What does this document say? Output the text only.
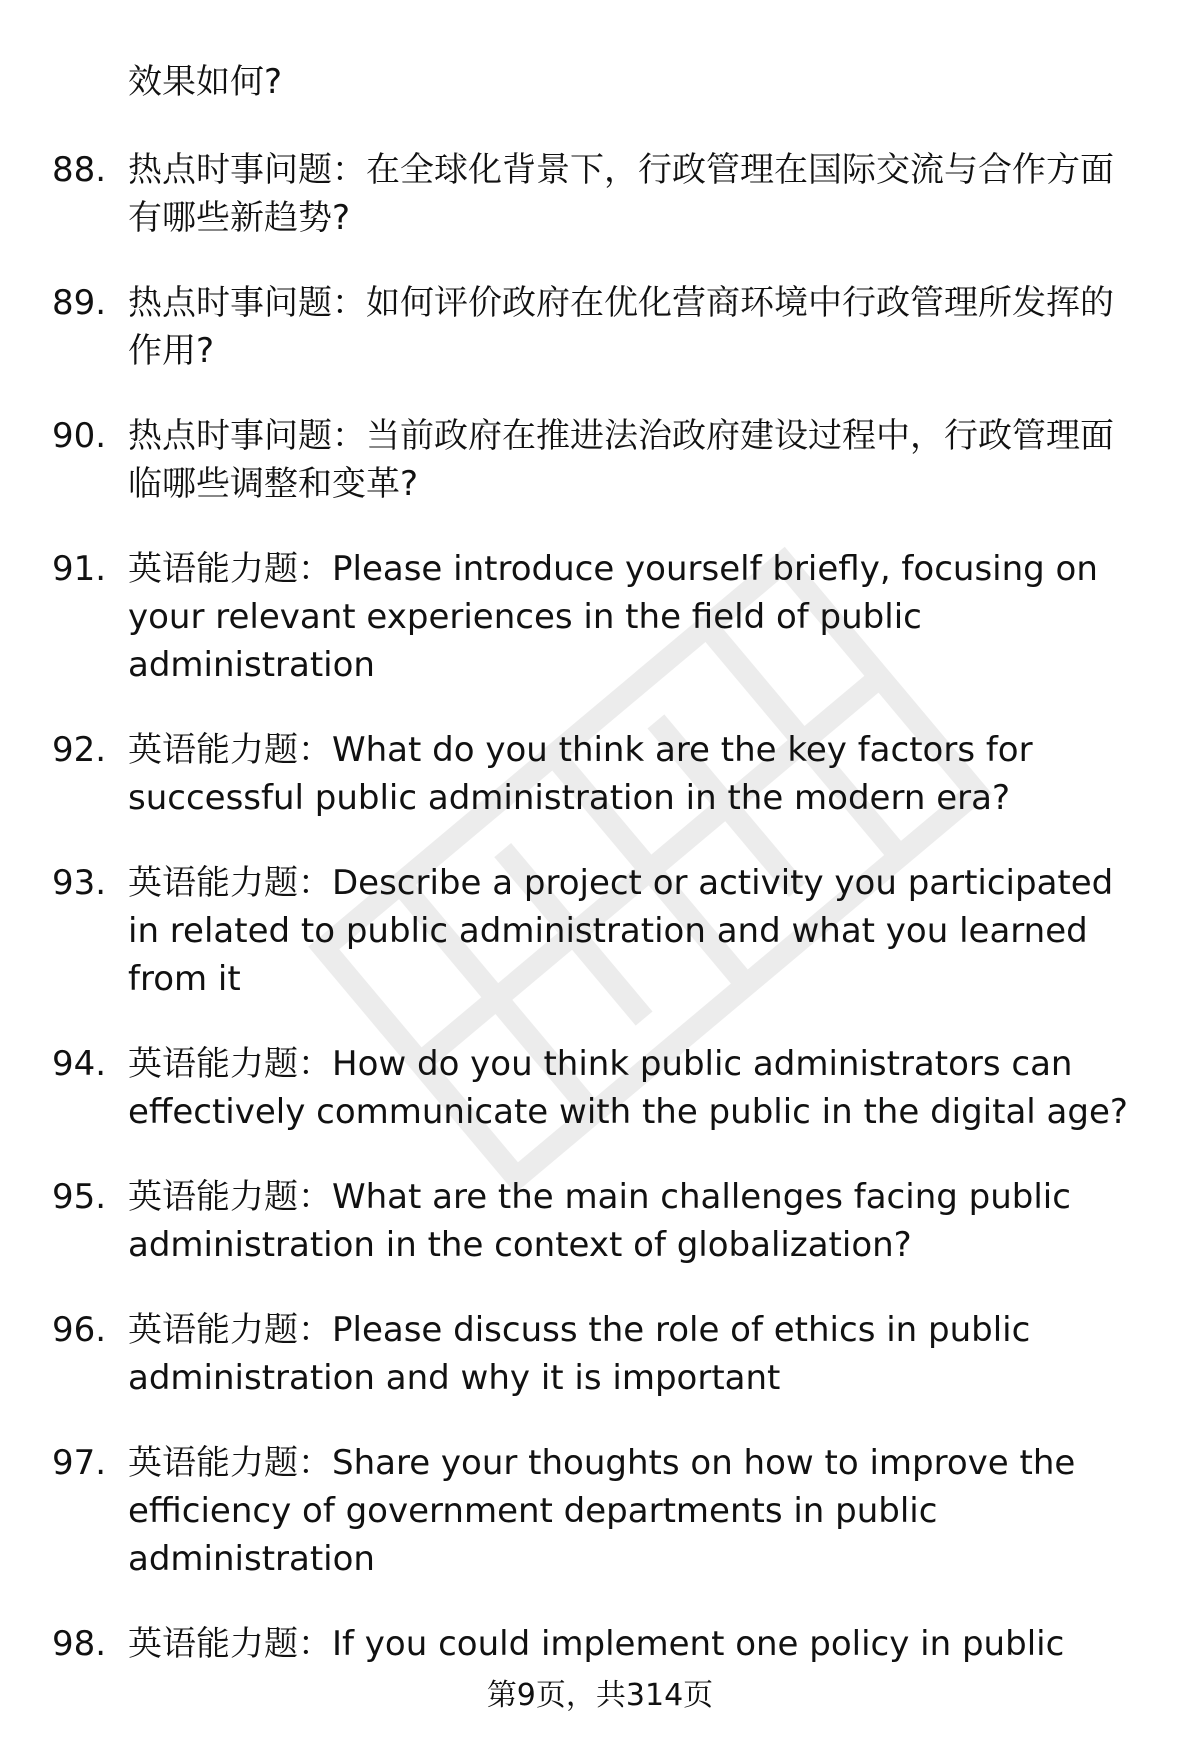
效果如何?
88. 热点时事问题：在全球化背景下，行政管理在国际交流与合作方面有哪些新趋势?
89. 热点时事问题：如何评价政府在优化营商环境中行政管理所发挥的作用?
90. 热点时事问题：当前政府在推进法治政府建设过程中，行政管理面临哪些调整和变革?
91. 英语能力题：Please introduce yourself briefly, focusing on your relevant experiences in the field of public administration
92. 英语能力题：What do you think are the key factors for successful public administration in the modern era?
93. 英语能力题：Describe a project or activity you participated in related to public administration and what you learned from it
94. 英语能力题：How do you think public administrators can effectively communicate with the public in the digital age?
95. 英语能力题：What are the main challenges facing public administration in the context of globalization?
96. 英语能力题：Please discuss the role of ethics in public administration and why it is important
97. 英语能力题：Share your thoughts on how to improve the efficiency of government departments in public administration
98. 英语能力题：If you could implement one policy in public
第9页，共314页
